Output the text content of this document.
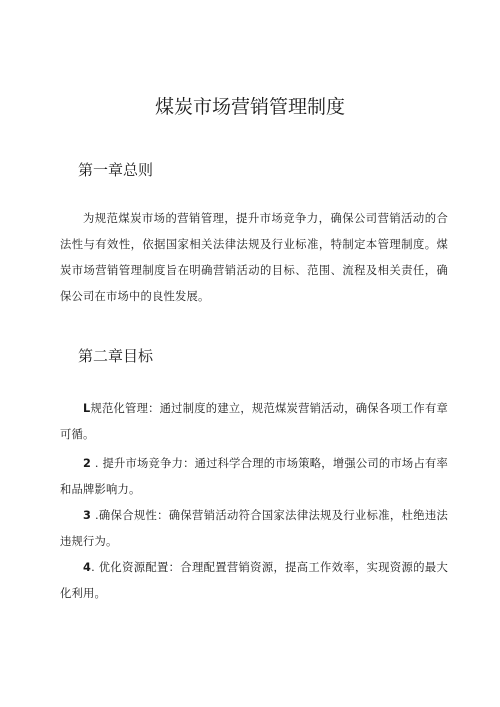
煤炭市场营销管理制度
第一章总则

为规范煤炭市场的营销管理，提升市场竞争力，确保公司营销活动的合法性与有效性，依据国家相关法律法规及行业标准，特制定本管理制度。煤炭市场营销管理制度旨在明确营销活动的目标、范围、流程及相关责任，确保公司在市场中的良性发展。

第二章目标

L规范化管理：通过制度的建立，规范煤炭营销活动，确保各项工作有章可循。

2 . 提升市场竞争力：通过科学合理的市场策略，增强公司的市场占有率和品牌影响力。

3 .确保合规性：确保营销活动符合国家法律法规及行业标准，杜绝违法违规行为。

4. 优化资源配置：合理配置营销资源，提高工作效率，实现资源的最大化利用。
